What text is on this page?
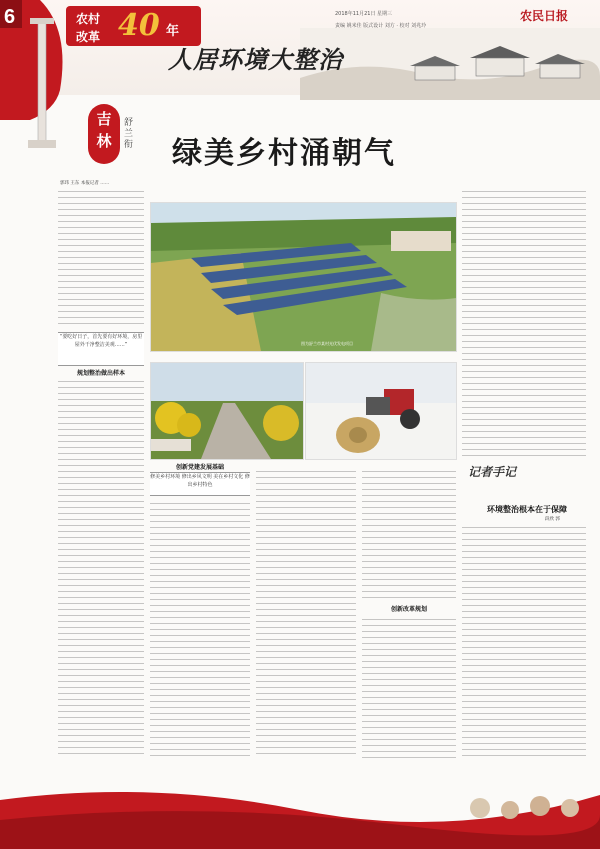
6	农村
改革 40 年
人居环境大整治
2018年11月21日 星期三
责编 姚米佳 版式设计 刘方 · 校对 刘兆玲
农民日报
吉林
舒兰衔 绿美乡村涌朝气
郭玮 王东 本报记者 ……
“要吃好日子，首先要有好环境，房里屋外干净整洁美观……”
规划整治做出样本
图为舒兰市某村光伏发电项目
记者手记
环境整治根本在于保障
段欣 郭
创新党建发展基础
修美乡村环境 修出乡风文明 美在乡村文化 修出乡村特色
创新改革规划
